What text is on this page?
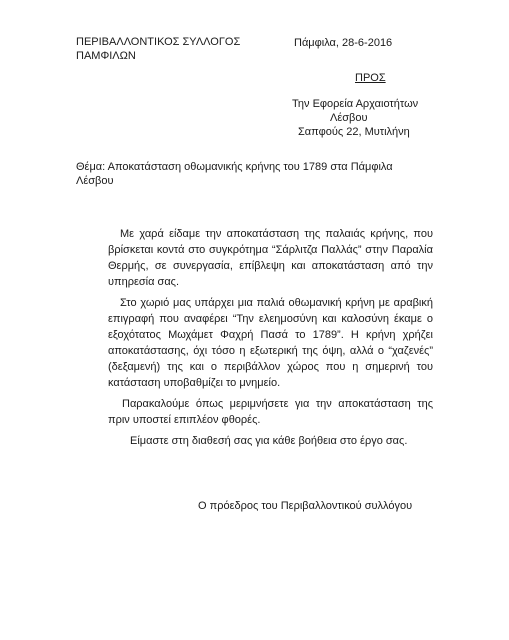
ΠΕΡΙΒΑΛΛΟΝΤΙΚΟΣ ΣΥΛΛΟΓΟΣ
ΠΑΜΦΙΛΩΝ
Πάμφιλα, 28-6-2016
ΠΡΟΣ
Την Εφορεία Αρχαιοτήτων
Λέσβου
Σαπφούς 22, Μυτιλήνη
Θέμα: Αποκατάσταση οθωμανικής κρήνης του 1789 στα Πάμφιλα Λέσβου

Με χαρά είδαμε την αποκατάσταση της παλαιάς κρήνης, που βρίσκεται κοντά στο συγκρότημα “Σάρλιτζα Παλλάς” στην Παραλία Θερμής, σε συνεργασία, επίβλεψη και αποκατάσταση από την υπηρεσία σας.

Στο χωριό μας υπάρχει μια παλιά οθωμανική κρήνη με αραβική επιγραφή που αναφέρει “Την ελεημοσύνη και καλοσύνη έκαμε ο εξοχότατος Μωχάμετ Φαχρή Πασά το 1789”. Η κρήνη χρήζει αποκατάστασης, όχι τόσο η εξωτερική της όψη, αλλά ο “χαζενές” (δεξαμενή) της και ο περιβάλλον χώρος που η σημερινή του κατάσταση υποβαθμίζει το μνημείο.

Παρακαλούμε όπως μεριμνήσετε για την αποκατάσταση της πριν υποστεί επιπλέον φθορές.

Είμαστε στη διαθεσή σας για κάθε βοήθεια στο έργο σας.

Ο πρόεδρος του Περιβαλλοντικού συλλόγου
